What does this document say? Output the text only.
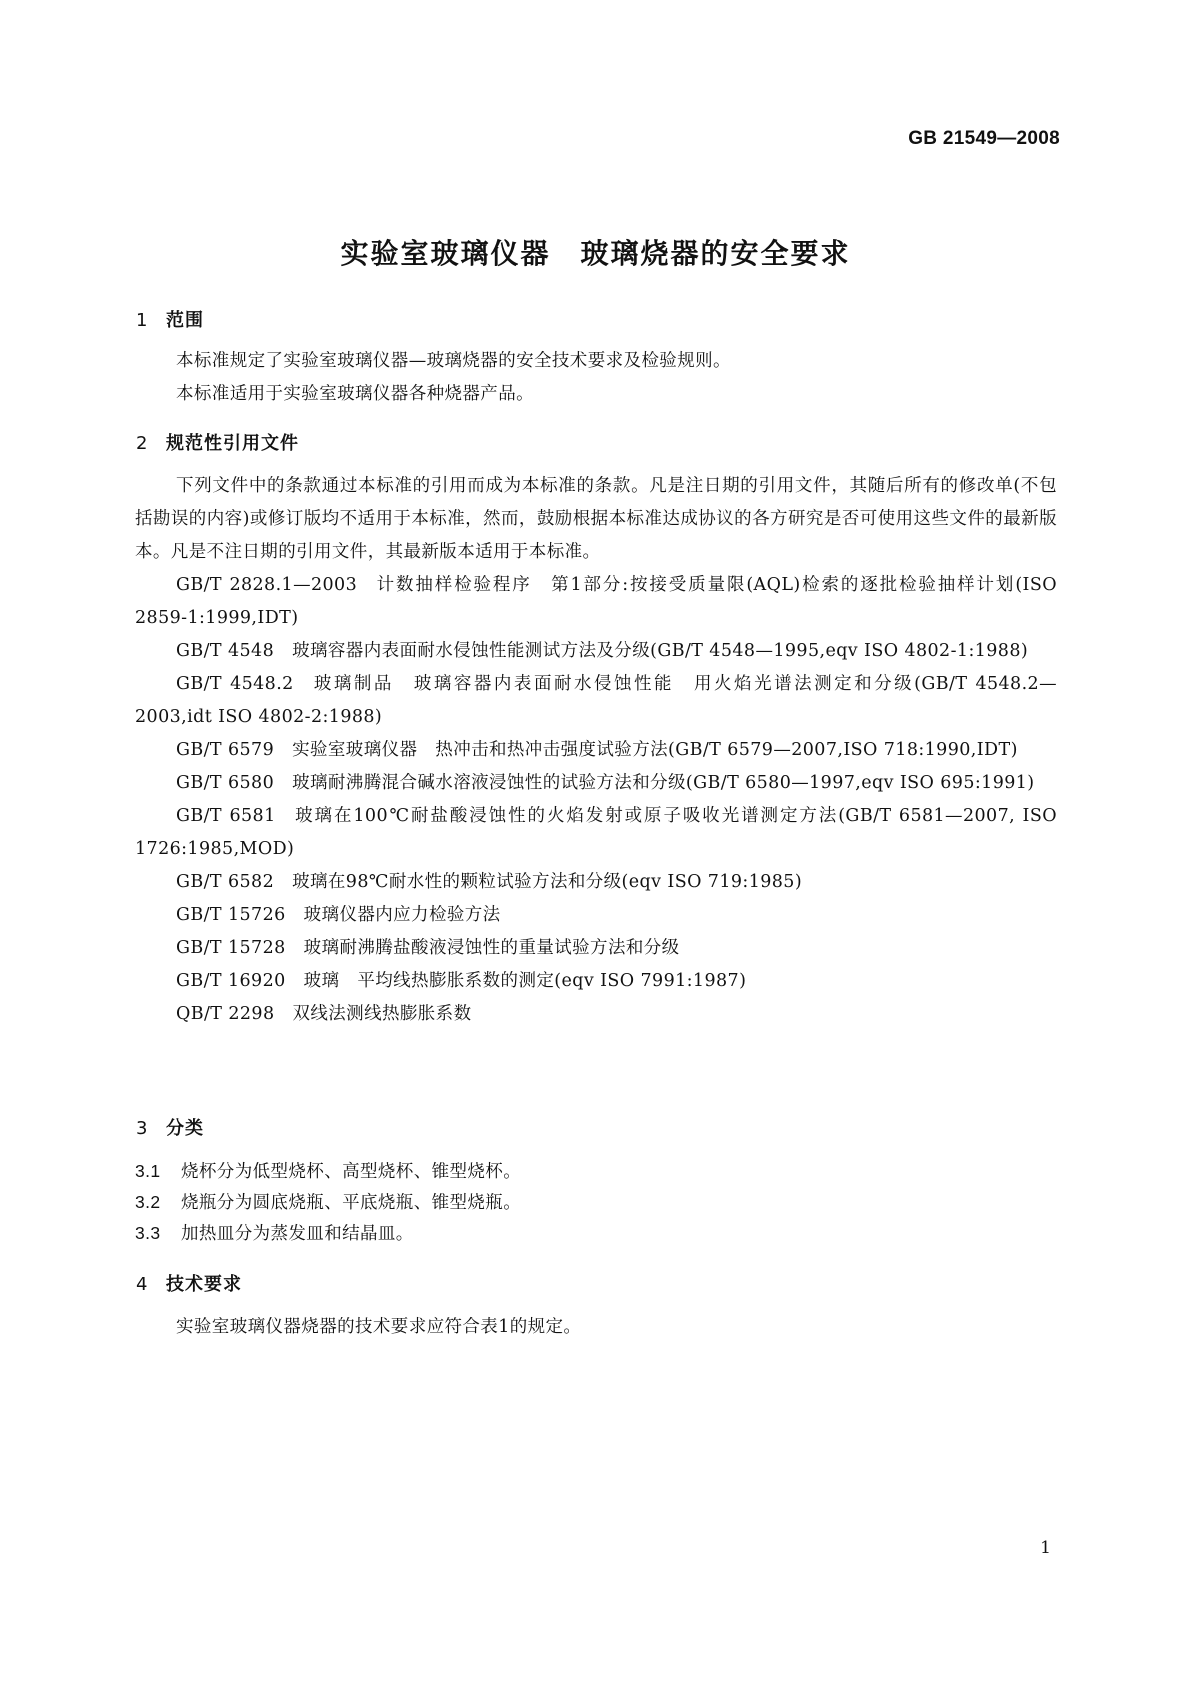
GB 21549—2008
实验室玻璃仪器　玻璃烧器的安全要求
1 范围

本标准规定了实验室玻璃仪器—玻璃烧器的安全技术要求及检验规则。

本标准适用于实验室玻璃仪器各种烧器产品。

2 规范性引用文件

下列文件中的条款通过本标准的引用而成为本标准的条款。凡是注日期的引用文件，其随后所有的修改单(不包括勘误的内容)或修订版均不适用于本标准，然而，鼓励根据本标准达成协议的各方研究是否可使用这些文件的最新版本。凡是不注日期的引用文件，其最新版本适用于本标准。

GB/T 2828.1—2003 计数抽样检验程序　第1部分:按接受质量限(AQL)检索的逐批检验抽样计划(ISO 2859-1:1999,IDT)

GB/T 4548 玻璃容器内表面耐水侵蚀性能测试方法及分级(GB/T 4548—1995,eqv ISO 4802-1:1988)

GB/T 4548.2 玻璃制品　玻璃容器内表面耐水侵蚀性能　用火焰光谱法测定和分级(GB/T 4548.2—2003,idt ISO 4802-2:1988)

GB/T 6579 实验室玻璃仪器　热冲击和热冲击强度试验方法(GB/T 6579—2007,ISO 718:1990,IDT)

GB/T 6580 玻璃耐沸腾混合碱水溶液浸蚀性的试验方法和分级(GB/T 6580—1997,eqv ISO 695:1991)

GB/T 6581 玻璃在100℃耐盐酸浸蚀性的火焰发射或原子吸收光谱测定方法(GB/T 6581—2007, ISO 1726:1985,MOD)

GB/T 6582 玻璃在98℃耐水性的颗粒试验方法和分级(eqv ISO 719:1985)

GB/T 15726 玻璃仪器内应力检验方法

GB/T 15728 玻璃耐沸腾盐酸液浸蚀性的重量试验方法和分级

GB/T 16920 玻璃　平均线热膨胀系数的测定(eqv ISO 7991:1987)

QB/T 2298 双线法测线热膨胀系数

3 分类
3.1 烧杯分为低型烧杯、高型烧杯、锥型烧杯。
3.2 烧瓶分为圆底烧瓶、平底烧瓶、锥型烧瓶。
3.3 加热皿分为蒸发皿和结晶皿。
4 技术要求

实验室玻璃仪器烧器的技术要求应符合表1的规定。

1
